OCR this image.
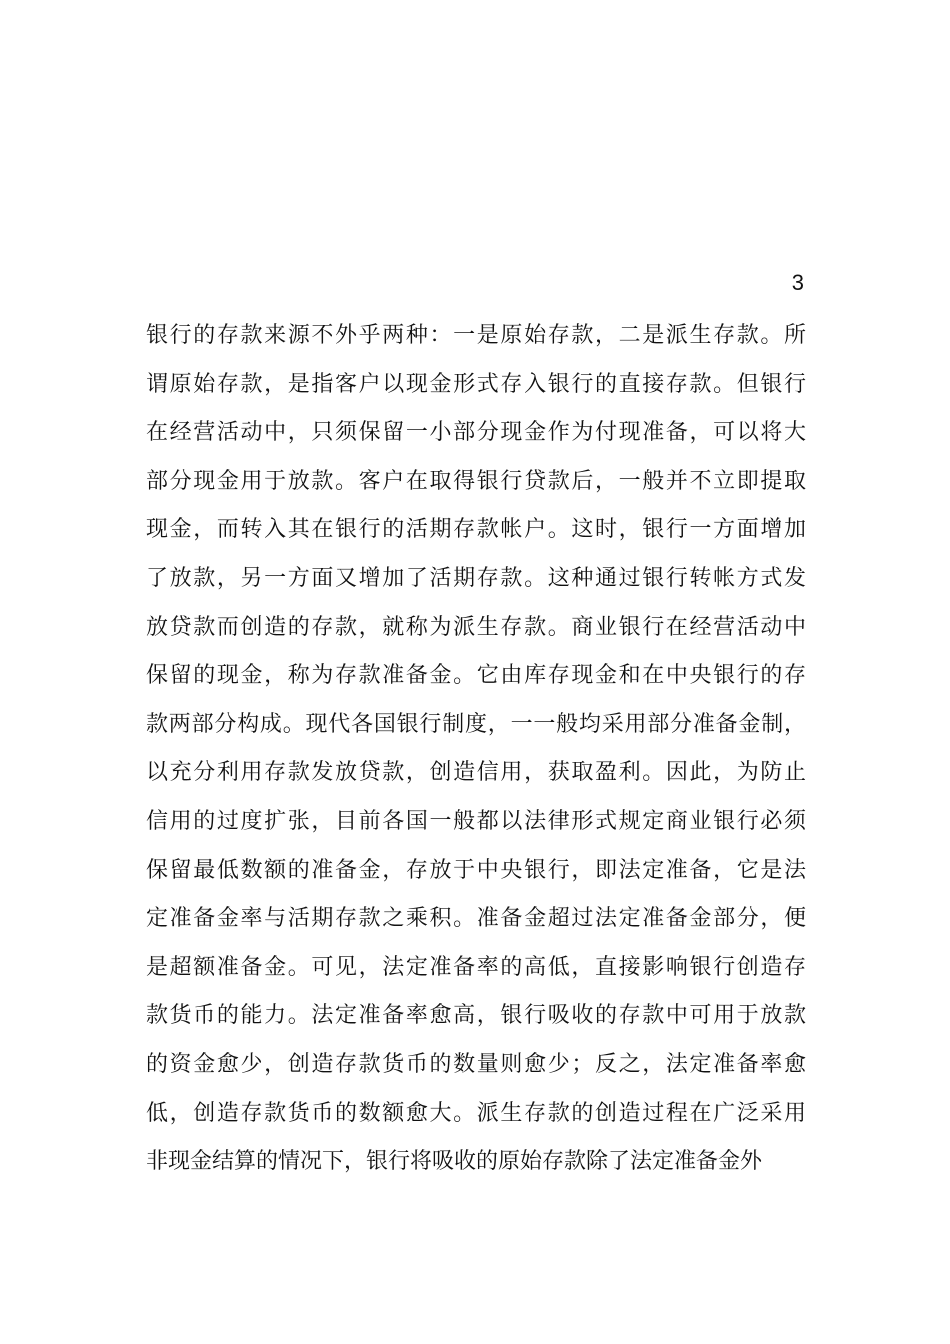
3
银行的存款来源不外乎两种：一是原始存款，二是派生存款。所
谓原始存款，是指客户以现金形式存入银行的直接存款。但银行
在经营活动中，只须保留一小部分现金作为付现准备，可以将大
部分现金用于放款。客户在取得银行贷款后，一般并不立即提取
现金，而转入其在银行的活期存款帐户。这时，银行一方面增加
了放款，另一方面又增加了活期存款。这种通过银行转帐方式发
放贷款而创造的存款，就称为派生存款。商业银行在经营活动中
保留的现金，称为存款准备金。它由库存现金和在中央银行的存
款两部分构成。现代各国银行制度，一一般均采用部分准备金制，
以充分利用存款发放贷款，创造信用，获取盈利。因此，为防止
信用的过度扩张，目前各国一般都以法律形式规定商业银行必须
保留最低数额的准备金，存放于中央银行，即法定准备，它是法
定准备金率与活期存款之乘积。准备金超过法定准备金部分，便
是超额准备金。可见，法定准备率的高低，直接影响银行创造存
款货币的能力。法定准备率愈高，银行吸收的存款中可用于放款
的资金愈少，创造存款货币的数量则愈少；反之，法定准备率愈
低，创造存款货币的数额愈大。派生存款的创造过程在广泛采用
非现金结算的情况下，银行将吸收的原始存款除了法定准备金外
